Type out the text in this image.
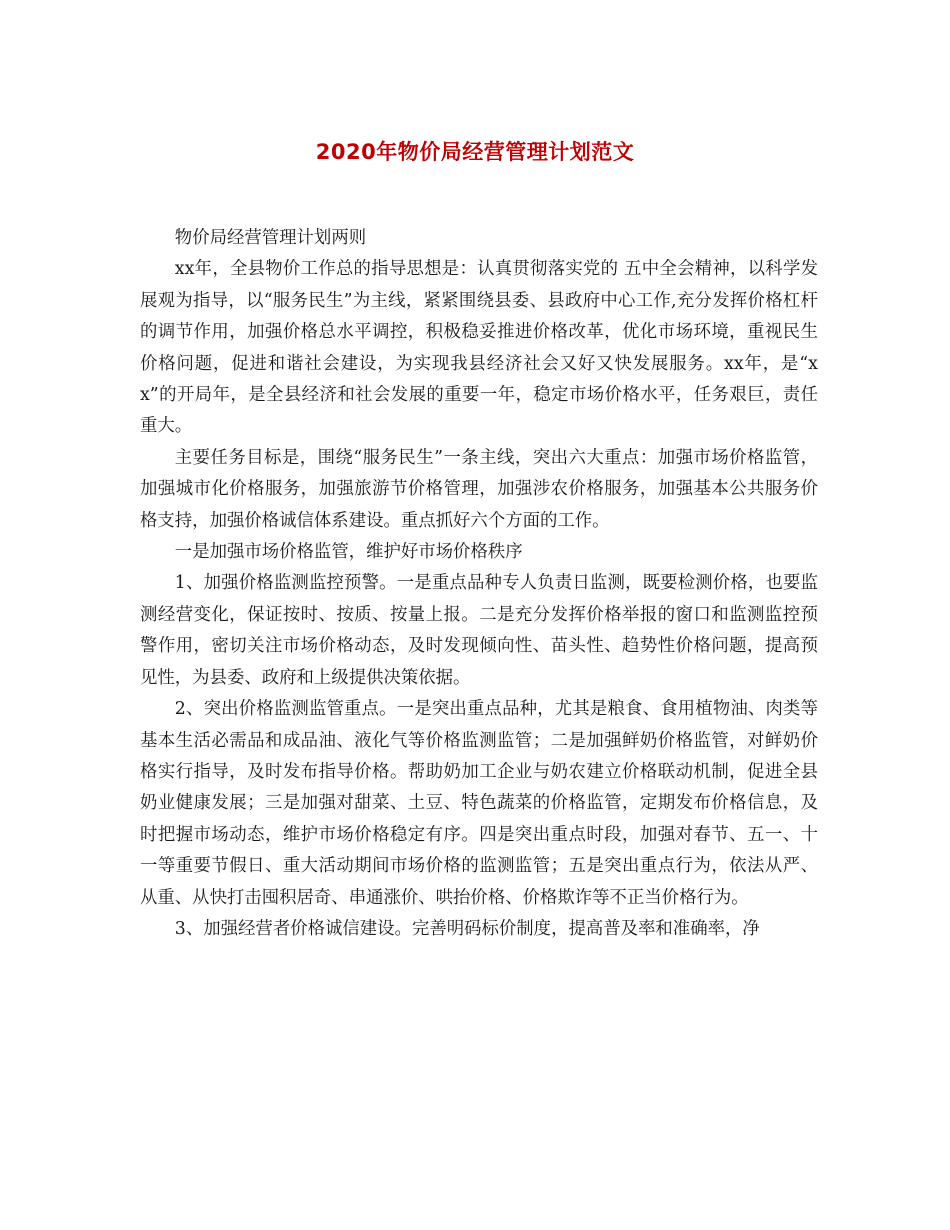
2020年物价局经营管理计划范文

物价局经营管理计划两则

xx年，全县物价工作总的指导思想是：认真贯彻落实党的 五中全会精神，以科学发展观为指导，以“服务民生”为主线，紧紧围绕县委、县政府中心工作,充分发挥价格杠杆的调节作用，加强价格总水平调控，积极稳妥推进价格改革，优化市场环境，重视民生价格问题，促进和谐社会建设，为实现我县经济社会又好又快发展服务。xx年，是“xx”的开局年，是全县经济和社会发展的重要一年，稳定市场价格水平，任务艰巨，责任重大。

主要任务目标是，围绕“服务民生”一条主线，突出六大重点：加强市场价格监管，加强城市化价格服务，加强旅游节价格管理，加强涉农价格服务，加强基本公共服务价格支持，加强价格诚信体系建设。重点抓好六个方面的工作。

一是加强市场价格监管，维护好市场价格秩序

1、加强价格监测监控预警。一是重点品种专人负责日监测，既要检测价格，也要监测经营变化，保证按时、按质、按量上报。二是充分发挥价格举报的窗口和监测监控预警作用，密切关注市场价格动态，及时发现倾向性、苗头性、趋势性价格问题，提高预见性，为县委、政府和上级提供决策依据。

2、突出价格监测监管重点。一是突出重点品种，尤其是粮食、食用植物油、肉类等基本生活必需品和成品油、液化气等价格监测监管；二是加强鲜奶价格监管，对鲜奶价格实行指导，及时发布指导价格。帮助奶加工企业与奶农建立价格联动机制，促进全县奶业健康发展；三是加强对甜菜、土豆、特色蔬菜的价格监管，定期发布价格信息，及时把握市场动态，维护市场价格稳定有序。四是突出重点时段，加强对春节、五一、十一等重要节假日、重大活动期间市场价格的监测监管；五是突出重点行为，依法从严、从重、从快打击囤积居奇、串通涨价、哄抬价格、价格欺诈等不正当价格行为。

3、加强经营者价格诚信建设。完善明码标价制度，提高普及率和准确率，净
